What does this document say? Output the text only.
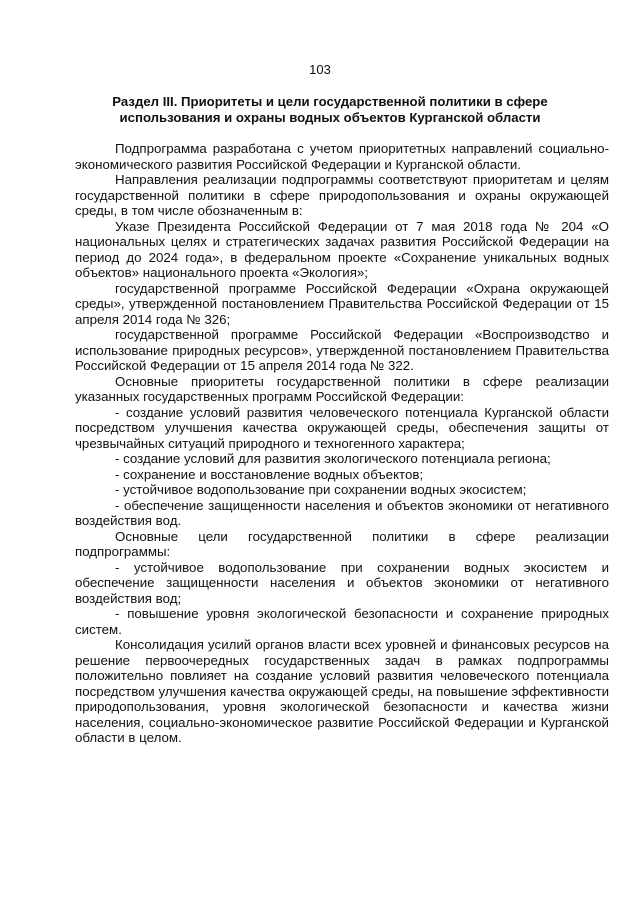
103
Раздел III. Приоритеты и цели государственной политики в сфере
использования и охраны водных объектов Курганской области

Подпрограмма разработана с учетом приоритетных направлений социально-экономического развития Российской Федерации и Курганской области.

Направления реализации подпрограммы соответствуют приоритетам и целям государственной политики в сфере природопользования и охраны окружающей среды, в том числе обозначенным в:

Указе Президента Российской Федерации от 7 мая 2018 года № 204 «О национальных целях и стратегических задачах развития Российской Федерации на период до 2024 года», в федеральном проекте «Сохранение уникальных водных объектов» национального проекта «Экология»;

государственной программе Российской Федерации «Охрана окружающей среды», утвержденной постановлением Правительства Российской Федерации от 15 апреля 2014 года № 326;

государственной программе Российской Федерации «Воспроизводство и использование природных ресурсов», утвержденной постановлением Правительства Российской Федерации от 15 апреля 2014 года № 322.

Основные приоритеты государственной политики в сфере реализации указанных государственных программ Российской Федерации:

- создание условий развития человеческого потенциала Курганской области посредством улучшения качества окружающей среды, обеспечения защиты от чрезвычайных ситуаций природного и техногенного характера;

- создание условий для развития экологического потенциала региона;

- сохранение и восстановление водных объектов;

- устойчивое водопользование при сохранении водных экосистем;

- обеспечение защищенности населения и объектов экономики от негативного воздействия вод.

Основные цели государственной политики в сфере реализации подпрограммы:

- устойчивое водопользование при сохранении водных экосистем и обеспечение защищенности населения и объектов экономики от негативного воздействия вод;

- повышение уровня экологической безопасности и сохранение природных систем.

Консолидация усилий органов власти всех уровней и финансовых ресурсов на решение первоочередных государственных задач в рамках подпрограммы положительно повлияет на создание условий развития человеческого потенциала посредством улучшения качества окружающей среды, на повышение эффективности природопользования, уровня экологической безопасности и качества жизни населения, социально-экономическое развитие Российской Федерации и Курганской области в целом.
